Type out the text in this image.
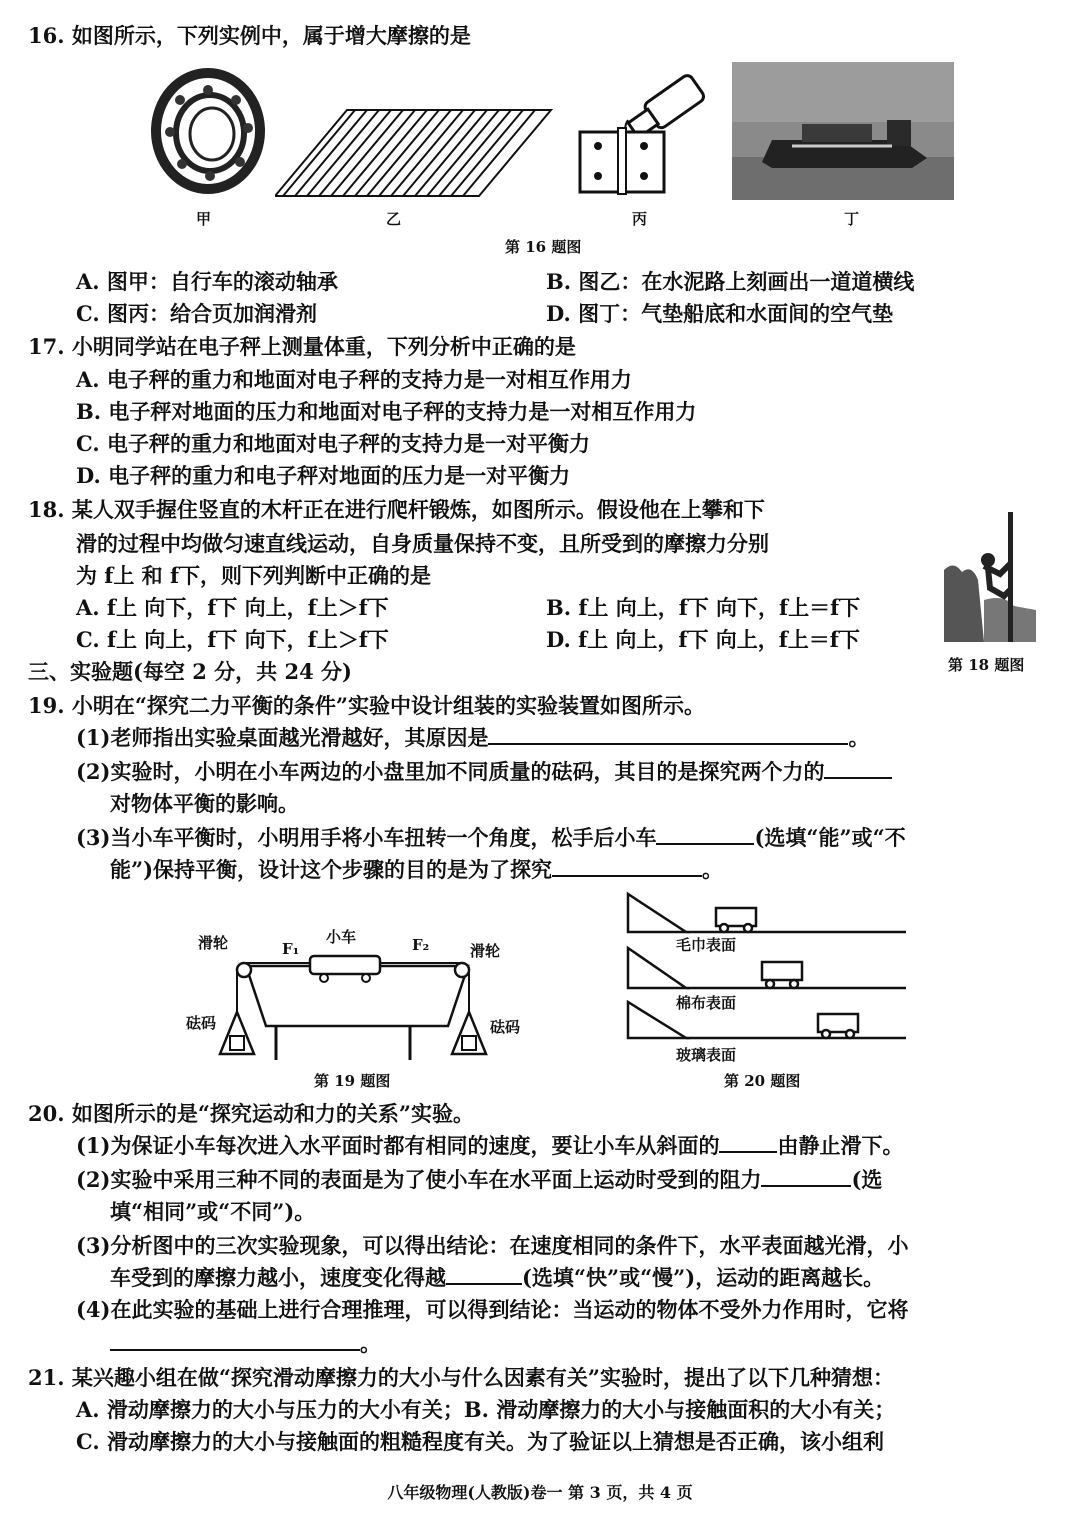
16. 如图所示，下列实例中，属于增大摩擦的是
甲	乙	丙	丁
第 16 题图
A. 图甲：自行车的滚动轴承	B. 图乙：在水泥路上刻画出一道道横线
C. 图丙：给合页加润滑剂	D. 图丁：气垫船底和水面间的空气垫
17. 小明同学站在电子秤上测量体重，下列分析中正确的是
A. 电子秤的重力和地面对电子秤的支持力是一对相互作用力
B. 电子秤对地面的压力和地面对电子秤的支持力是一对相互作用力
C. 电子秤的重力和地面对电子秤的支持力是一对平衡力
D. 电子秤的重力和电子秤对地面的压力是一对平衡力
18. 某人双手握住竖直的木杆正在进行爬杆锻炼，如图所示。假设他在上攀和下
滑的过程中均做匀速直线运动，自身质量保持不变，且所受到的摩擦力分别
为 f上 和 f下，则下列判断中正确的是
A. f上 向下，f下 向上，f上＞f下	B. f上 向上，f下 向下，f上＝f下
C. f上 向上，f下 向下，f上＞f下	D. f上 向上，f下 向上，f上＝f下
第 18 题图
三、实验题(每空 2 分，共 24 分)
19. 小明在“探究二力平衡的条件”实验中设计组装的实验装置如图所示。
(1)老师指出实验桌面越光滑越好，其原因是	。
(2)实验时，小明在小车两边的小盘里加不同质量的砝码，其目的是探究两个力的
对物体平衡的影响。
(3)当小车平衡时，小明用手将小车扭转一个角度，松手后小车	(选填“能”或“不
能”)保持平衡，设计这个步骤的目的是为了探究	。
滑轮	滑轮
小车
F₁	F₂
砝码	砝码
第 19 题图
毛巾表面
棉布表面
玻璃表面
第 20 题图
20. 如图所示的是“探究运动和力的关系”实验。
(1)为保证小车每次进入水平面时都有相同的速度，要让小车从斜面的	由静止滑下。
(2)实验中采用三种不同的表面是为了使小车在水平面上运动时受到的阻力	(选
填“相同”或“不同”)。
(3)分析图中的三次实验现象，可以得出结论：在速度相同的条件下，水平表面越光滑，小
车受到的摩擦力越小，速度变化得越	(选填“快”或“慢”)，运动的距离越长。
(4)在此实验的基础上进行合理推理，可以得到结论：当运动的物体不受外力作用时，它将
。
21. 某兴趣小组在做“探究滑动摩擦力的大小与什么因素有关”实验时，提出了以下几种猜想：
A. 滑动摩擦力的大小与压力的大小有关；B. 滑动摩擦力的大小与接触面积的大小有关；
C. 滑动摩擦力的大小与接触面的粗糙程度有关。为了验证以上猜想是否正确，该小组利
八年级物理(人教版)卷一 第 3 页，共 4 页
